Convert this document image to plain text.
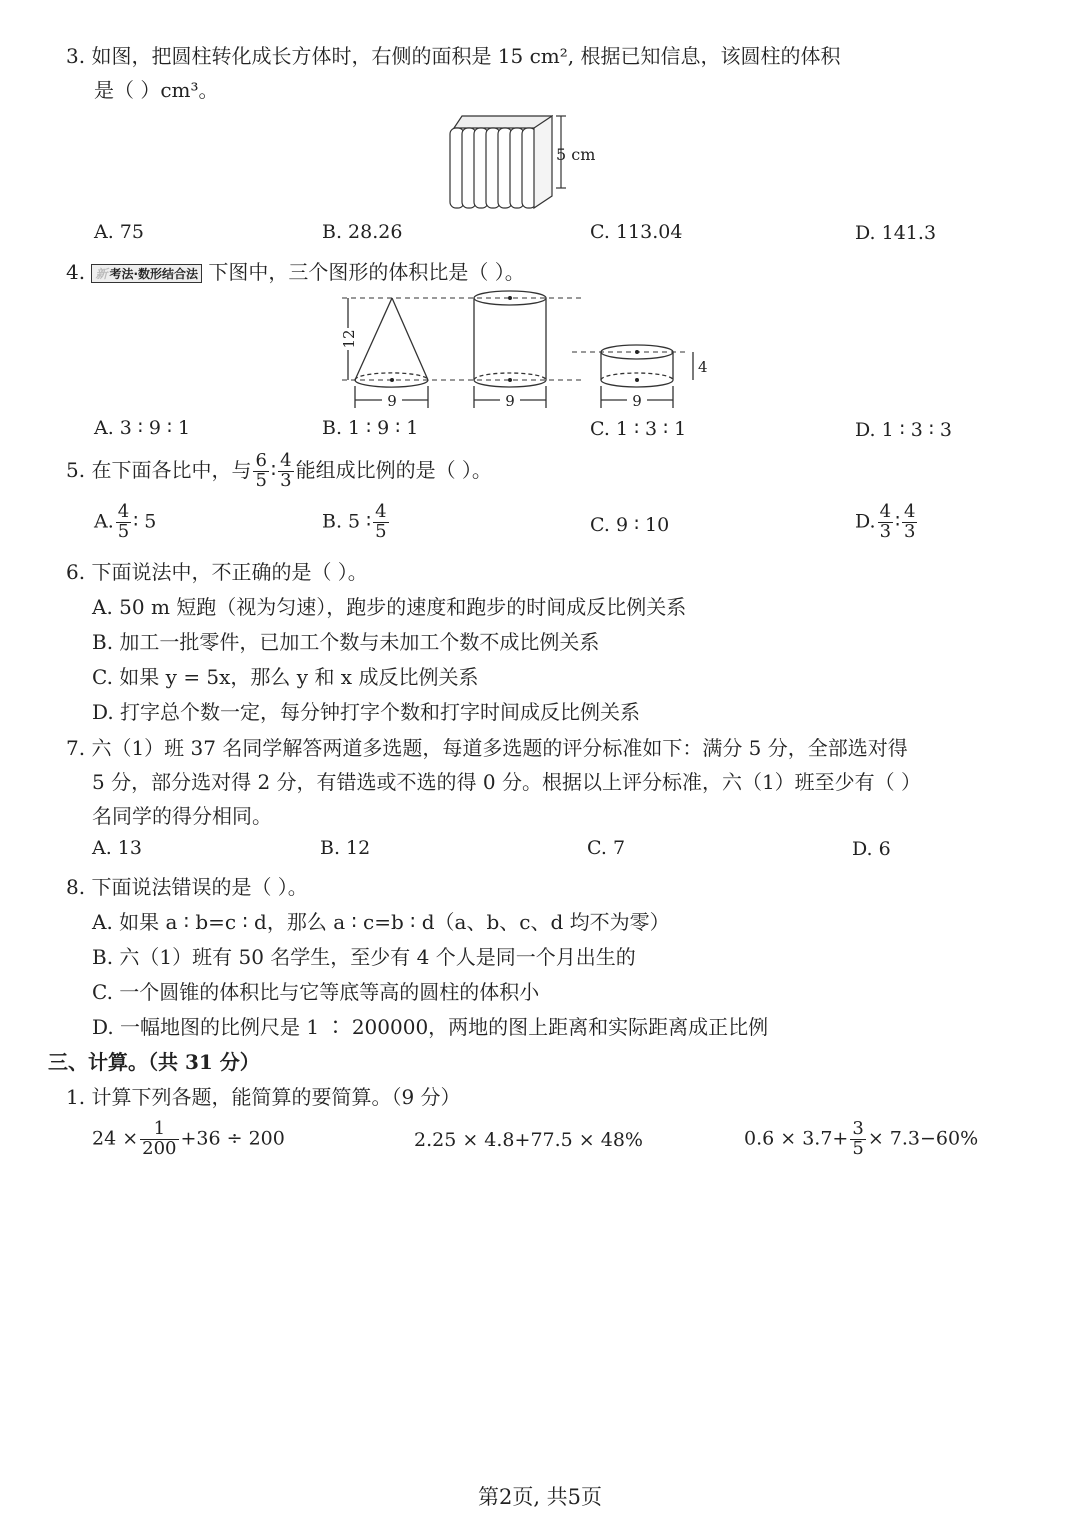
3. 如图，把圆柱转化成长方体时，右侧的面积是 15 cm², 根据已知信息，该圆柱的体积
是（ ）cm³。
5 cm
A. 75	B. 28.26	C. 113.04	D. 141.3
4. 新 考法·数形结合法 下图中，三个图形的体积比是（ ）。
12
9	9	9
4
A. 3 ∶ 9 ∶ 1	B. 1 ∶ 9 ∶ 1	C. 1 ∶ 3 ∶ 1	D. 1 ∶ 3 ∶ 3
5. 在下面各比中，与 $\frac{6}{5}$ ∶ $\frac{4}{3}$ 能组成比例的是（ ）。
A. $\frac{4}{5}$ ∶ 5	B. 5 ∶ $\frac{4}{5}$	C. 9 ∶ 10	D. $\frac{4}{3}$ ∶ $\frac{4}{3}$
6. 下面说法中，不正确的是（ ）。
A. 50 m 短跑（视为匀速），跑步的速度和跑步的时间成反比例关系
B. 加工一批零件，已加工个数与未加工个数不成比例关系
C. 如果 y = 5x，那么 y 和 x 成反比例关系
D. 打字总个数一定，每分钟打字个数和打字时间成反比例关系
7. 六（1）班 37 名同学解答两道多选题，每道多选题的评分标准如下：满分 5 分，全部选对得
5 分，部分选对得 2 分，有错选或不选的得 0 分。根据以上评分标准，六（1）班至少有（ ）
名同学的得分相同。
A. 13	B. 12	C. 7	D. 6
8. 下面说法错误的是（ ）。
A. 如果 a ∶ b=c ∶ d，那么 a ∶ c=b ∶ d（a、b、c、d 均不为零）
B. 六（1）班有 50 名学生，至少有 4 个人是同一个月出生的
C. 一个圆锥的体积比与它等底等高的圆柱的体积小
D. 一幅地图的比例尺是 1 ∶ 200000，两地的图上距离和实际距离成正比例
三、计算。（共 31 分）
1. 计算下列各题，能简算的要简算。（9 分）
$24 \times \frac{1}{200} +36 \div 200$	2.25 × 4.8+77.5 × 48%	$0.6 \times 3.7+ \frac{3}{5} \times 7.3-60\%$
第2页, 共5页
